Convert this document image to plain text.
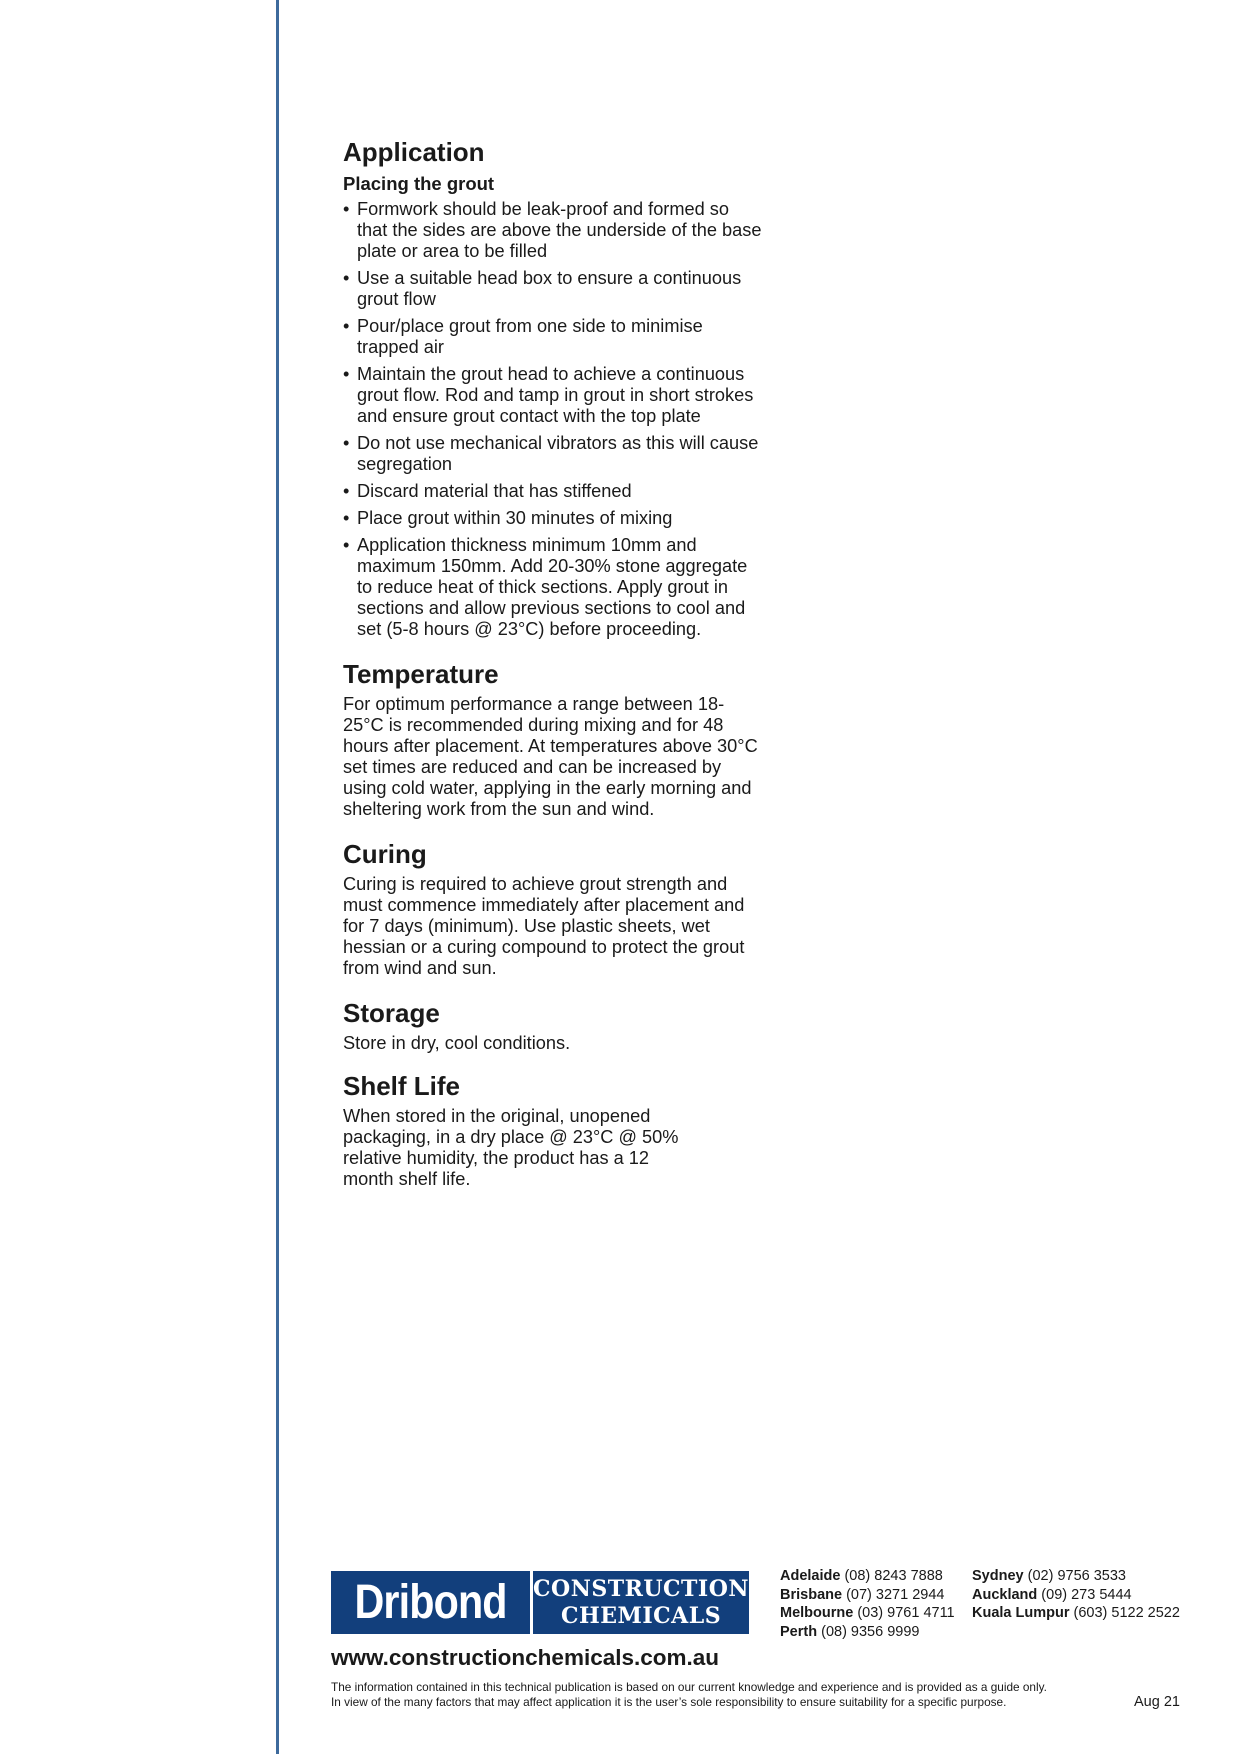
Application
Placing the grout
• Formwork should be leak-proof and formed so that the sides are above the underside of the base plate or area to be filled
• Use a suitable head box to ensure a continuous grout flow
• Pour/place grout from one side to minimise trapped air
• Maintain the grout head to achieve a continuous grout flow. Rod and tamp in grout in short strokes and ensure grout contact with the top plate
• Do not use mechanical vibrators as this will cause segregation
• Discard material that has stiffened
• Place grout within 30 minutes of mixing
• Application thickness minimum 10mm and maximum 150mm. Add 20-30% stone aggregate to reduce heat of thick sections. Apply grout in sections and allow previous sections to cool and set (5-8 hours @ 23°C) before proceeding.
Temperature

For optimum performance a range between 18-25°C is recommended during mixing and for 48 hours after placement. At temperatures above 30°C set times are reduced and can be increased by using cold water, applying in the early morning and sheltering work from the sun and wind.

Curing

Curing is required to achieve grout strength and must commence immediately after placement and for 7 days (minimum). Use plastic sheets, wet hessian or a curing compound to protect the grout from wind and sun.

Storage

Store in dry, cool conditions.

Shelf Life

When stored in the original, unopened packaging, in a dry place @ 23°C @ 50% relative humidity, the product has a 12 month shelf life.

Dribond	CONSTRUCTION
CHEMICALS
www.constructionchemicals.com.au
Adelaide (08) 8243 7888
Brisbane (07) 3271 2944
Melbourne (03) 9761 4711
Perth (08) 9356 9999
Sydney (02) 9756 3533
Auckland (09) 273 5444
Kuala Lumpur (603) 5122 2522
The information contained in this technical publication is based on our current knowledge and experience and is provided as a guide only.
In view of the many factors that may affect application it is the user’s sole responsibility to ensure suitability for a specific purpose.	Aug 21
